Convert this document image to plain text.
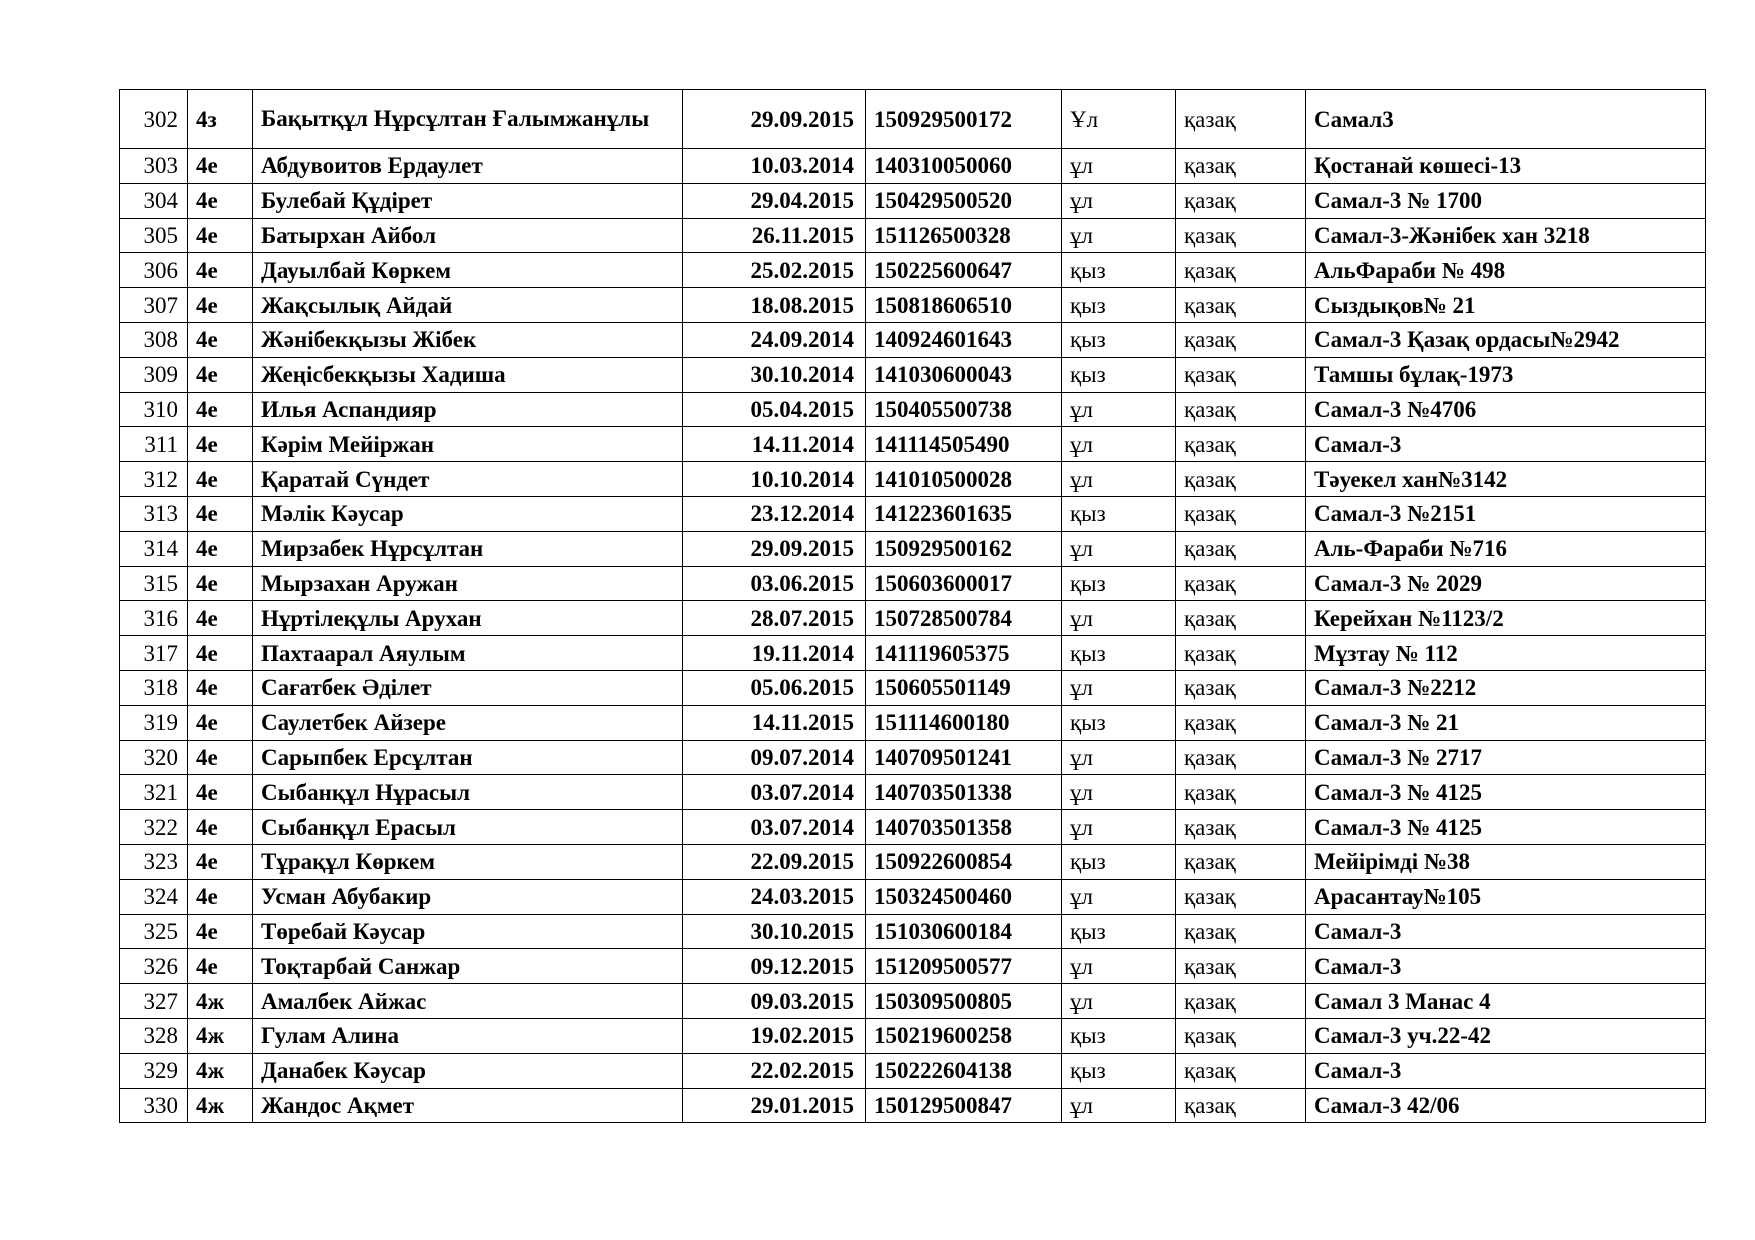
302	4з	Бақытқұл Нұрсұлтан Ғалымжанұлы	29.09.2015	150929500172	Ұл	қазақ	Самал3
303	4е	Абдувоитов Ердаулет	10.03.2014	140310050060	ұл	қазақ	Қостанай көшесі-13
304	4е	Булебай Құдірет	29.04.2015	150429500520	ұл	қазақ	Самал-3 № 1700
305	4е	Батырхан Айбол	26.11.2015	151126500328	ұл	қазақ	Самал-3-Жәнібек хан 3218
306	4е	Дауылбай Көркем	25.02.2015	150225600647	қыз	қазақ	АльФараби № 498
307	4е	Жақсылық Айдай	18.08.2015	150818606510	қыз	қазақ	Сыздықов№ 21
308	4е	Жәнібекқызы Жібек	24.09.2014	140924601643	қыз	қазақ	Самал-3 Қазақ ордасы№2942
309	4е	Жеңісбекқызы Хадиша	30.10.2014	141030600043	қыз	қазақ	Тамшы бұлақ-1973
310	4е	Илья Аспандияр	05.04.2015	150405500738	ұл	қазақ	Самал-3 №4706
311	4е	Кәрім Мейіржан	14.11.2014	141114505490	ұл	қазақ	Самал-3
312	4е	Қаратай Сүндет	10.10.2014	141010500028	ұл	қазақ	Тәуекел хан№3142
313	4е	Мәлік Кәусар	23.12.2014	141223601635	қыз	қазақ	Самал-3 №2151
314	4е	Мирзабек Нұрсұлтан	29.09.2015	150929500162	ұл	қазақ	Аль-Фараби №716
315	4е	Мырзахан Аружан	03.06.2015	150603600017	қыз	қазақ	Самал-3 № 2029
316	4е	Нұртілеқұлы Арухан	28.07.2015	150728500784	ұл	қазақ	Керейхан №1123/2
317	4е	Пахтаарал Аяулым	19.11.2014	141119605375	қыз	қазақ	Мұзтау № 112
318	4е	Сағатбек Әділет	05.06.2015	150605501149	ұл	қазақ	Самал-3 №2212
319	4е	Саулетбек Айзере	14.11.2015	151114600180	қыз	қазақ	Самал-3 № 21
320	4е	Сарыпбек Ерсұлтан	09.07.2014	140709501241	ұл	қазақ	Самал-3 № 2717
321	4е	Сыбанқұл Нұрасыл	03.07.2014	140703501338	ұл	қазақ	Самал-3 № 4125
322	4е	Сыбанқұл Ерасыл	03.07.2014	140703501358	ұл	қазақ	Самал-3 № 4125
323	4е	Тұрақұл Көркем	22.09.2015	150922600854	қыз	қазақ	Мейірімді №38
324	4е	Усман Абубакир	24.03.2015	150324500460	ұл	қазақ	Арасантау№105
325	4е	Төребай Кәусар	30.10.2015	151030600184	қыз	қазақ	Самал-3
326	4е	Тоқтарбай Санжар	09.12.2015	151209500577	ұл	қазақ	Самал-3
327	4ж	Амалбек Айжас	09.03.2015	150309500805	ұл	қазақ	Самал 3 Манас 4
328	4ж	Гулам Алина	19.02.2015	150219600258	қыз	қазақ	Самал-3 уч.22-42
329	4ж	Данабек Кәусар	22.02.2015	150222604138	қыз	қазақ	Самал-3
330	4ж	Жандос Ақмет	29.01.2015	150129500847	ұл	қазақ	Самал-3 42/06
